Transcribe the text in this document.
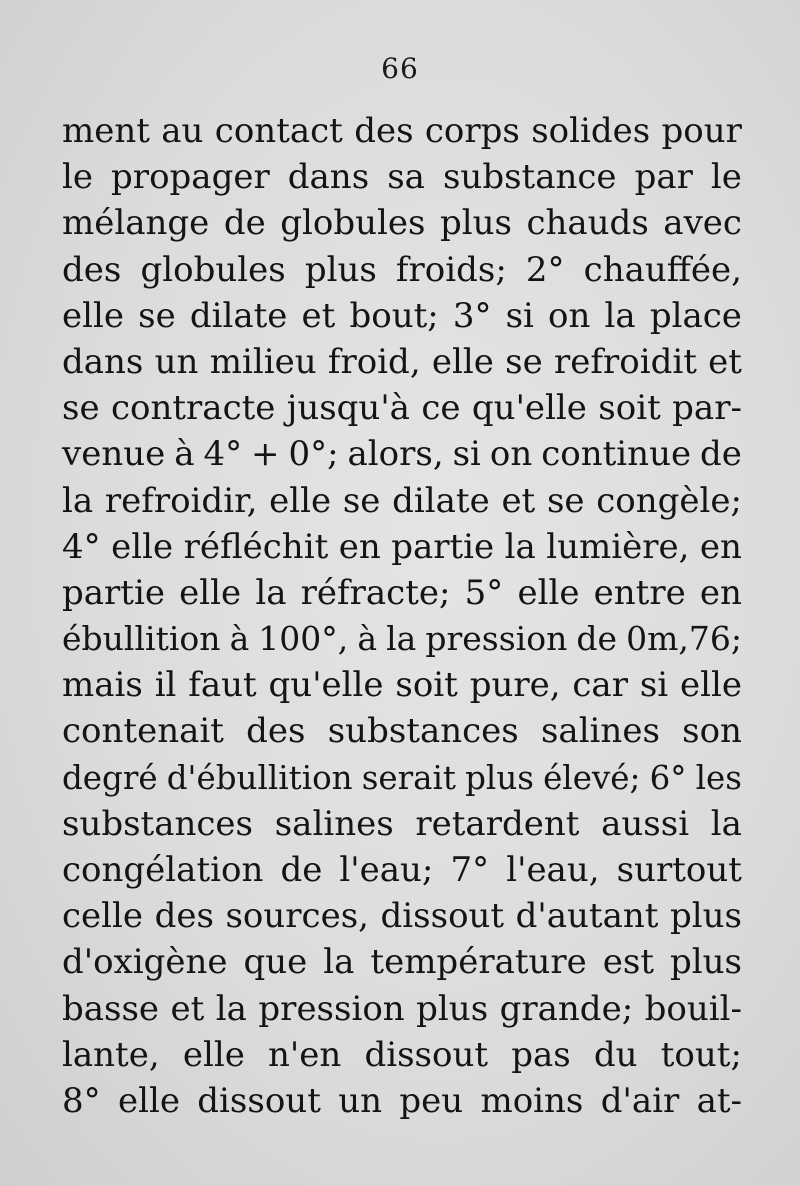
66
ment au contact des corps solides pour
le propager dans sa substance par le
mélange de globules plus chauds avec
des globules plus froids; 2° chauffée,
elle se dilate et bout; 3° si on la place
dans un milieu froid, elle se refroidit et
se contracte jusqu'à ce qu'elle soit par-
venue à 4° + 0°; alors, si on continue de
la refroidir, elle se dilate et se congèle;
4° elle réfléchit en partie la lumière, en
partie elle la réfracte; 5° elle entre en
ébullition à 100°, à la pression de 0m,76;
mais il faut qu'elle soit pure, car si elle
contenait des substances salines son
degré d'ébullition serait plus élevé; 6° les
substances salines retardent aussi la
congélation de l'eau; 7° l'eau, surtout
celle des sources, dissout d'autant plus
d'oxigène que la température est plus
basse et la pression plus grande; bouil-
lante, elle n'en dissout pas du tout;
8° elle dissout un peu moins d'air at-
